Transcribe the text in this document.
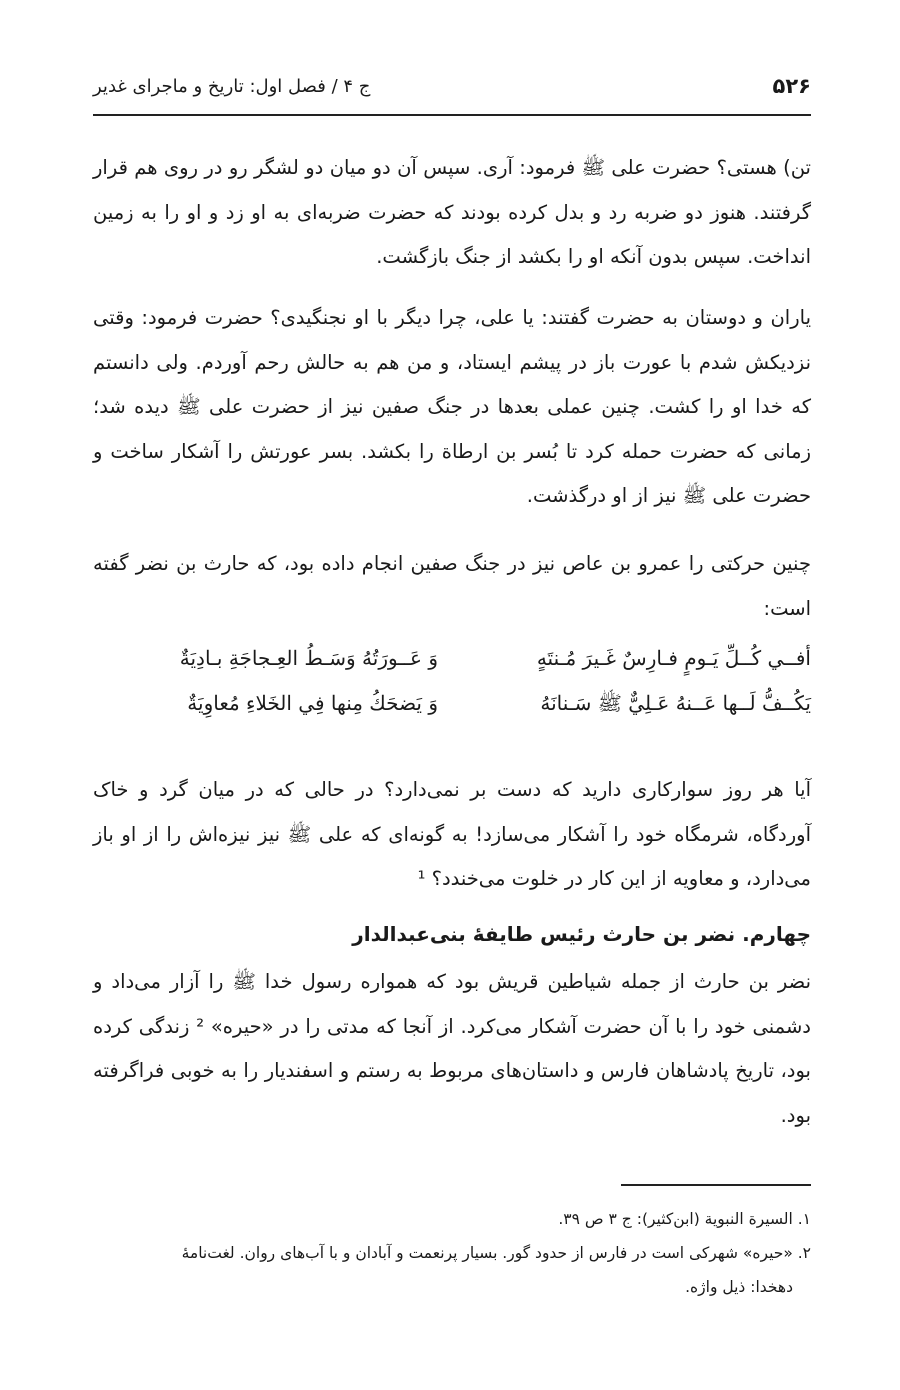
۵۲۶
ج ۴ / فصل اول: تاریخ و ماجرای غدیر

تن) هستی؟ حضرت علی ﷺ فرمود: آری. سپس آن دو میان دو لشگر رو در روی هم قرار گرفتند. هنوز دو ضربه رد و بدل کرده بودند که حضرت ضربه‌ای به او زد و او را به زمین انداخت. سپس بدون آنکه او را بکشد از جنگ بازگشت.

یاران و دوستان به حضرت گفتند: یا علی، چرا دیگر با او نجنگیدی؟ حضرت فرمود: وقتی نزدیکش شدم با عورت باز در پیشم ایستاد، و من هم به حالش رحم آوردم. ولی دانستم که خدا او را کشت. چنین عملی بعدها در جنگ صفین نیز از حضرت علی ﷺ دیده شد؛ زمانی که حضرت حمله کرد تا بُسر بن ارطاة را بکشد. بسر عورتش را آشکار ساخت و حضرت علی ﷺ نیز از او درگذشت.

چنین حرکتی را عمرو بن عاص نیز در جنگ صفین انجام داده بود، که حارث بن نضر گفته است:

أفــي كُــلِّ يَـومٍ فـارِسٌ غَـيرَ مُـنتَهٍ
وَ عَــورَتُهُ وَسَـطُ العِـجاجَةِ بـادِيَةٌ
يَكُــفُّ لَــها عَــنهُ عَـلِيٌّ ﷺ سَـنانَهُ
وَ يَضحَكُ مِنها فِي الخَلاءِ مُعاوِيَةٌ

آیا هر روز سوارکاری دارید که دست بر نمی‌دارد؟ در حالی که در میان گرد و خاک آوردگاه، شرمگاه خود را آشکار می‌سازد! به گونه‌ای که علی ﷺ نیز نیزه‌اش را از او باز می‌دارد، و معاویه از این کار در خلوت می‌خندد؟ ¹

چهارم. نضر بن حارث رئیس طایفهٔ بنی‌عبدالدار

نضر بن حارث از جمله شیاطین قریش بود که همواره رسول خدا ﷺ را آزار می‌داد و دشمنی خود را با آن حضرت آشکار می‌کرد. از آنجا که مدتی را در «حیره» ² زندگی کرده بود، تاریخ پادشاهان فارس و داستان‌های مربوط به رستم و اسفندیار را به خوبی فراگرفته بود.

۱. السیرة النبویة (ابن‌کثیر): ج ۳ ص ۳۹.

۲. «حیره» شهرکی است در فارس از حدود گور. بسیار پرنعمت و آبادان و با آب‌های روان. لغت‌نامهٔ

دهخدا: ذیل واژه.
